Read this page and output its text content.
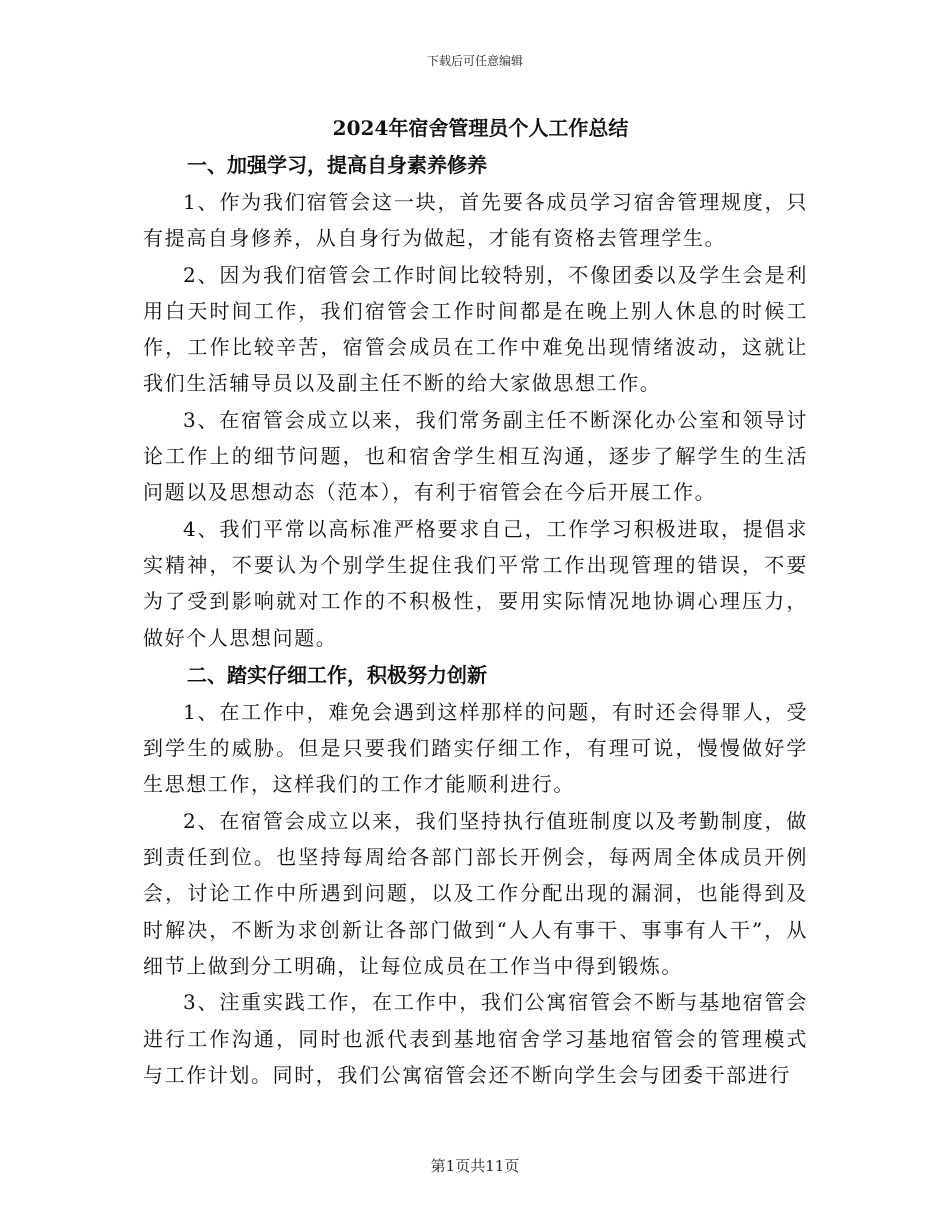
下载后可任意编辑
2024年宿舍管理员个人工作总结
一、加强学习，提高自身素养修养

1、作为我们宿管会这一块，首先要各成员学习宿舍管理规度，只有提高自身修养，从自身行为做起，才能有资格去管理学生。

2、因为我们宿管会工作时间比较特别，不像团委以及学生会是利用白天时间工作，我们宿管会工作时间都是在晚上别人休息的时候工作，工作比较辛苦，宿管会成员在工作中难免出现情绪波动，这就让我们生活辅导员以及副主任不断的给大家做思想工作。

3、在宿管会成立以来，我们常务副主任不断深化办公室和领导讨论工作上的细节问题，也和宿舍学生相互沟通，逐步了解学生的生活问题以及思想动态（范本），有利于宿管会在今后开展工作。

4、我们平常以高标准严格要求自己，工作学习积极进取，提倡求实精神，不要认为个别学生捉住我们平常工作出现管理的错误，不要为了受到影响就对工作的不积极性，要用实际情况地协调心理压力，做好个人思想问题。

二、踏实仔细工作，积极努力创新

1、在工作中，难免会遇到这样那样的问题，有时还会得罪人，受到学生的威胁。但是只要我们踏实仔细工作，有理可说，慢慢做好学生思想工作，这样我们的工作才能顺利进行。

2、在宿管会成立以来，我们坚持执行值班制度以及考勤制度，做到责任到位。也坚持每周给各部门部长开例会，每两周全体成员开例会，讨论工作中所遇到问题，以及工作分配出现的漏洞，也能得到及时解决，不断为求创新让各部门做到“人人有事干、事事有人干”，从细节上做到分工明确，让每位成员在工作当中得到锻炼。

3、注重实践工作，在工作中，我们公寓宿管会不断与基地宿管会进行工作沟通，同时也派代表到基地宿舍学习基地宿管会的管理模式与工作计划。同时，我们公寓宿管会还不断向学生会与团委干部进行

第1页共11页
